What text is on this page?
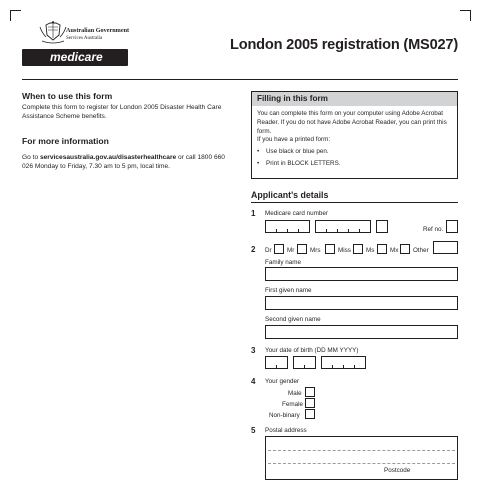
Australian Government
Services Australia
medicare
London 2005 registration (MS027)
When to use this form
Complete this form to register for London 2005 Disaster Health Care Assistance Scheme benefits.
For more information
Go to servicesaustralia.gov.au/disasterhealthcare or call 1800 660 026 Monday to Friday, 7.30 am to 5 pm, local time.
Filling in this form
You can complete this form on your computer using Adobe Acrobat Reader. If you do not have Adobe Acrobat Reader, you can print this form.
If you have a printed form:
• Use black or blue pen.
• Print in BLOCK LETTERS.
Applicant's details
1 Medicare card number
Ref no.
2 Dr Mr Mrs	Miss Ms Mx Other
Family name
First given name
Second given name
3 Your date of birth (DD MM YYYY)
4 Your gender
Male
Female
Non-binary
5 Postal address
Postcode
